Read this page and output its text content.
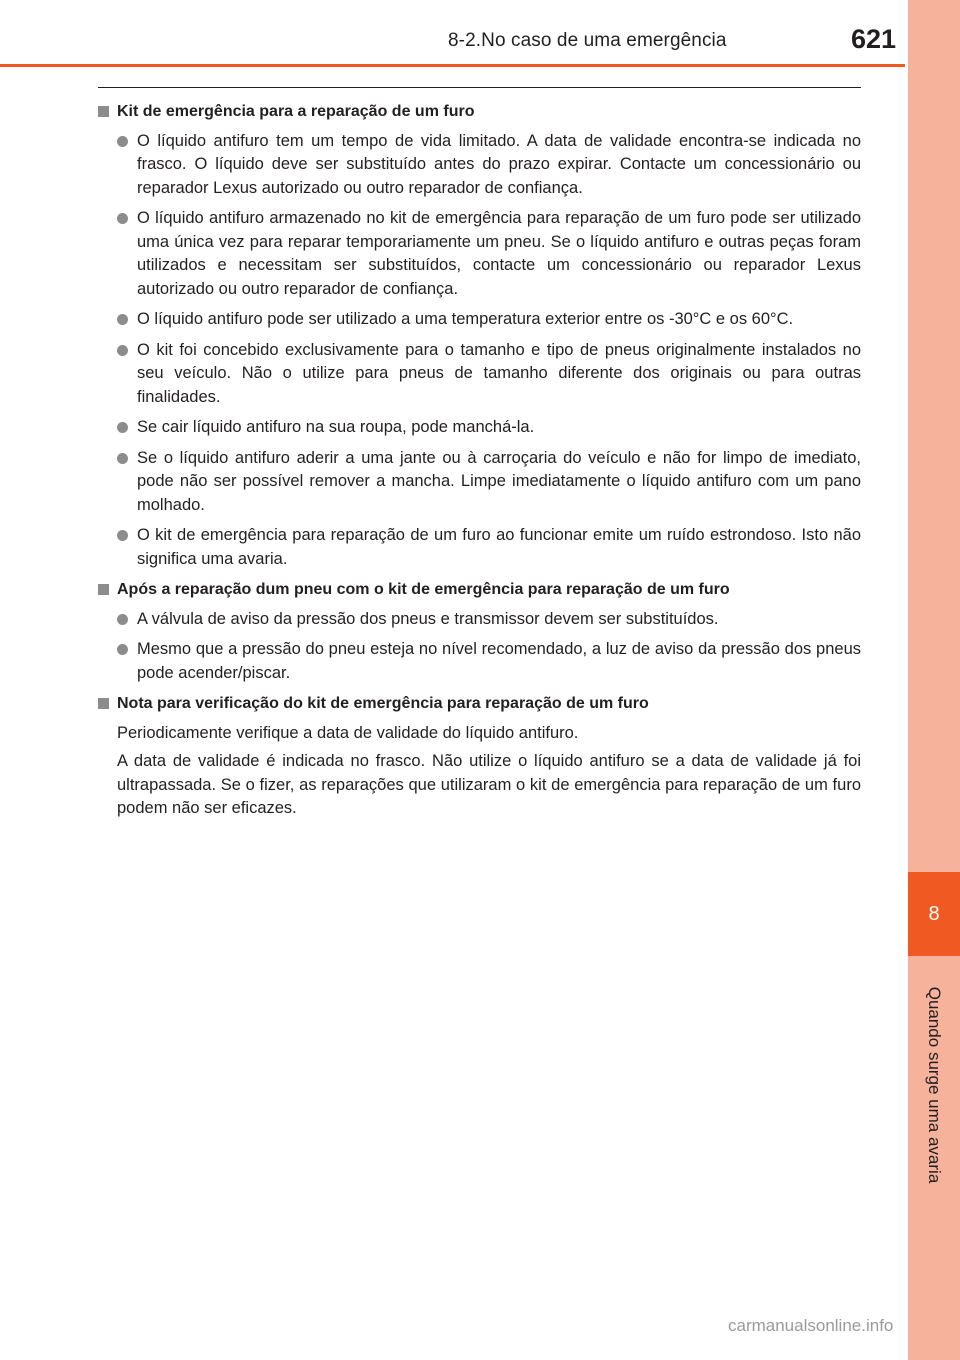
8-2.No caso de uma emergência	621
8
Quando surge uma avaria
Kit de emergência para a reparação de um furo
O líquido antifuro tem um tempo de vida limitado. A data de validade encontra-se indicada no frasco. O líquido deve ser substituído antes do prazo expirar. Contacte um concessionário ou reparador Lexus autorizado ou outro reparador de confiança.
O líquido antifuro armazenado no kit de emergência para reparação de um furo pode ser utilizado uma única vez para reparar temporariamente um pneu. Se o líquido antifuro e outras peças foram utilizados e necessitam ser substituídos, contacte um concessionário ou reparador Lexus autorizado ou outro reparador de confiança.
O líquido antifuro pode ser utilizado a uma temperatura exterior entre os -30°C e os 60°C.
O kit foi concebido exclusivamente para o tamanho e tipo de pneus originalmente instalados no seu veículo. Não o utilize para pneus de tamanho diferente dos originais ou para outras finalidades.
Se cair líquido antifuro na sua roupa, pode manchá-la.
Se o líquido antifuro aderir a uma jante ou à carroçaria do veículo e não for limpo de imediato, pode não ser possível remover a mancha. Limpe imediatamente o líquido antifuro com um pano molhado.
O kit de emergência para reparação de um furo ao funcionar emite um ruído estrondoso. Isto não significa uma avaria.
Após a reparação dum pneu com o kit de emergência para reparação de um furo
A válvula de aviso da pressão dos pneus e transmissor devem ser substituídos.
Mesmo que a pressão do pneu esteja no nível recomendado, a luz de aviso da pressão dos pneus pode acender/piscar.
Nota para verificação do kit de emergência para reparação de um furo

Periodicamente verifique a data de validade do líquido antifuro.

A data de validade é indicada no frasco. Não utilize o líquido antifuro se a data de validade já foi ultrapassada. Se o fizer, as reparações que utilizaram o kit de emergência para reparação de um furo podem não ser eficazes.

carmanualsonline.info
